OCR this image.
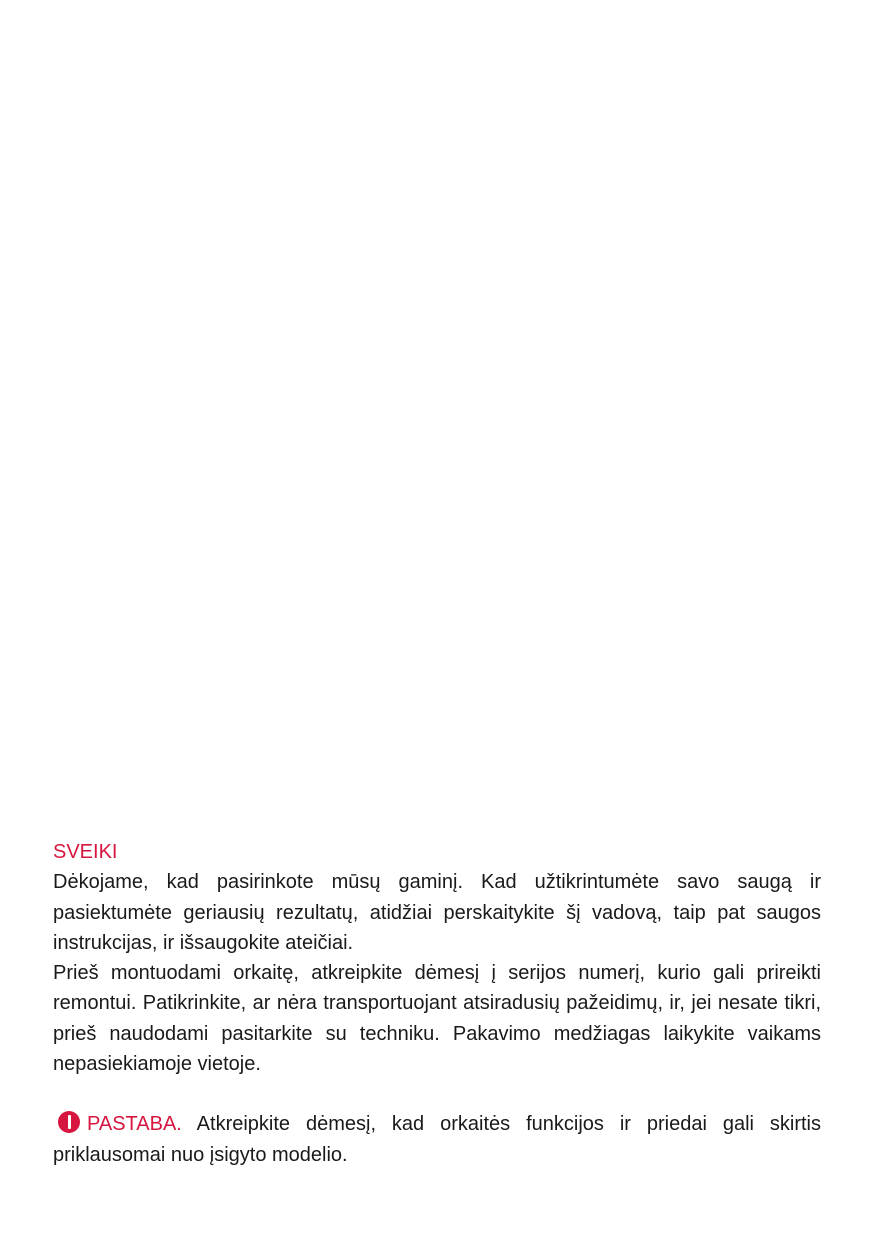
SVEIKI

Dėkojame, kad pasirinkote mūsų gaminį. Kad užtikrintumėte savo saugą ir pasiektumėte geriausių rezultatų, atidžiai perskaitykite šį vadovą, taip pat saugos instrukcijas, ir išsaugokite ateičiai.

Prieš montuodami orkaitę, atkreipkite dėmesį į serijos numerį, kurio gali prireikti remontui. Patikrinkite, ar nėra transportuojant atsiradusių pažeidimų, ir, jei nesate tikri, prieš naudodami pasitarkite su techniku. Pakavimo medžiagas laikykite vaikams nepasiekiamoje vietoje.

PASTABA. Atkreipkite dėmesį, kad orkaitės funkcijos ir priedai gali skirtis priklausomai nuo įsigyto modelio.
